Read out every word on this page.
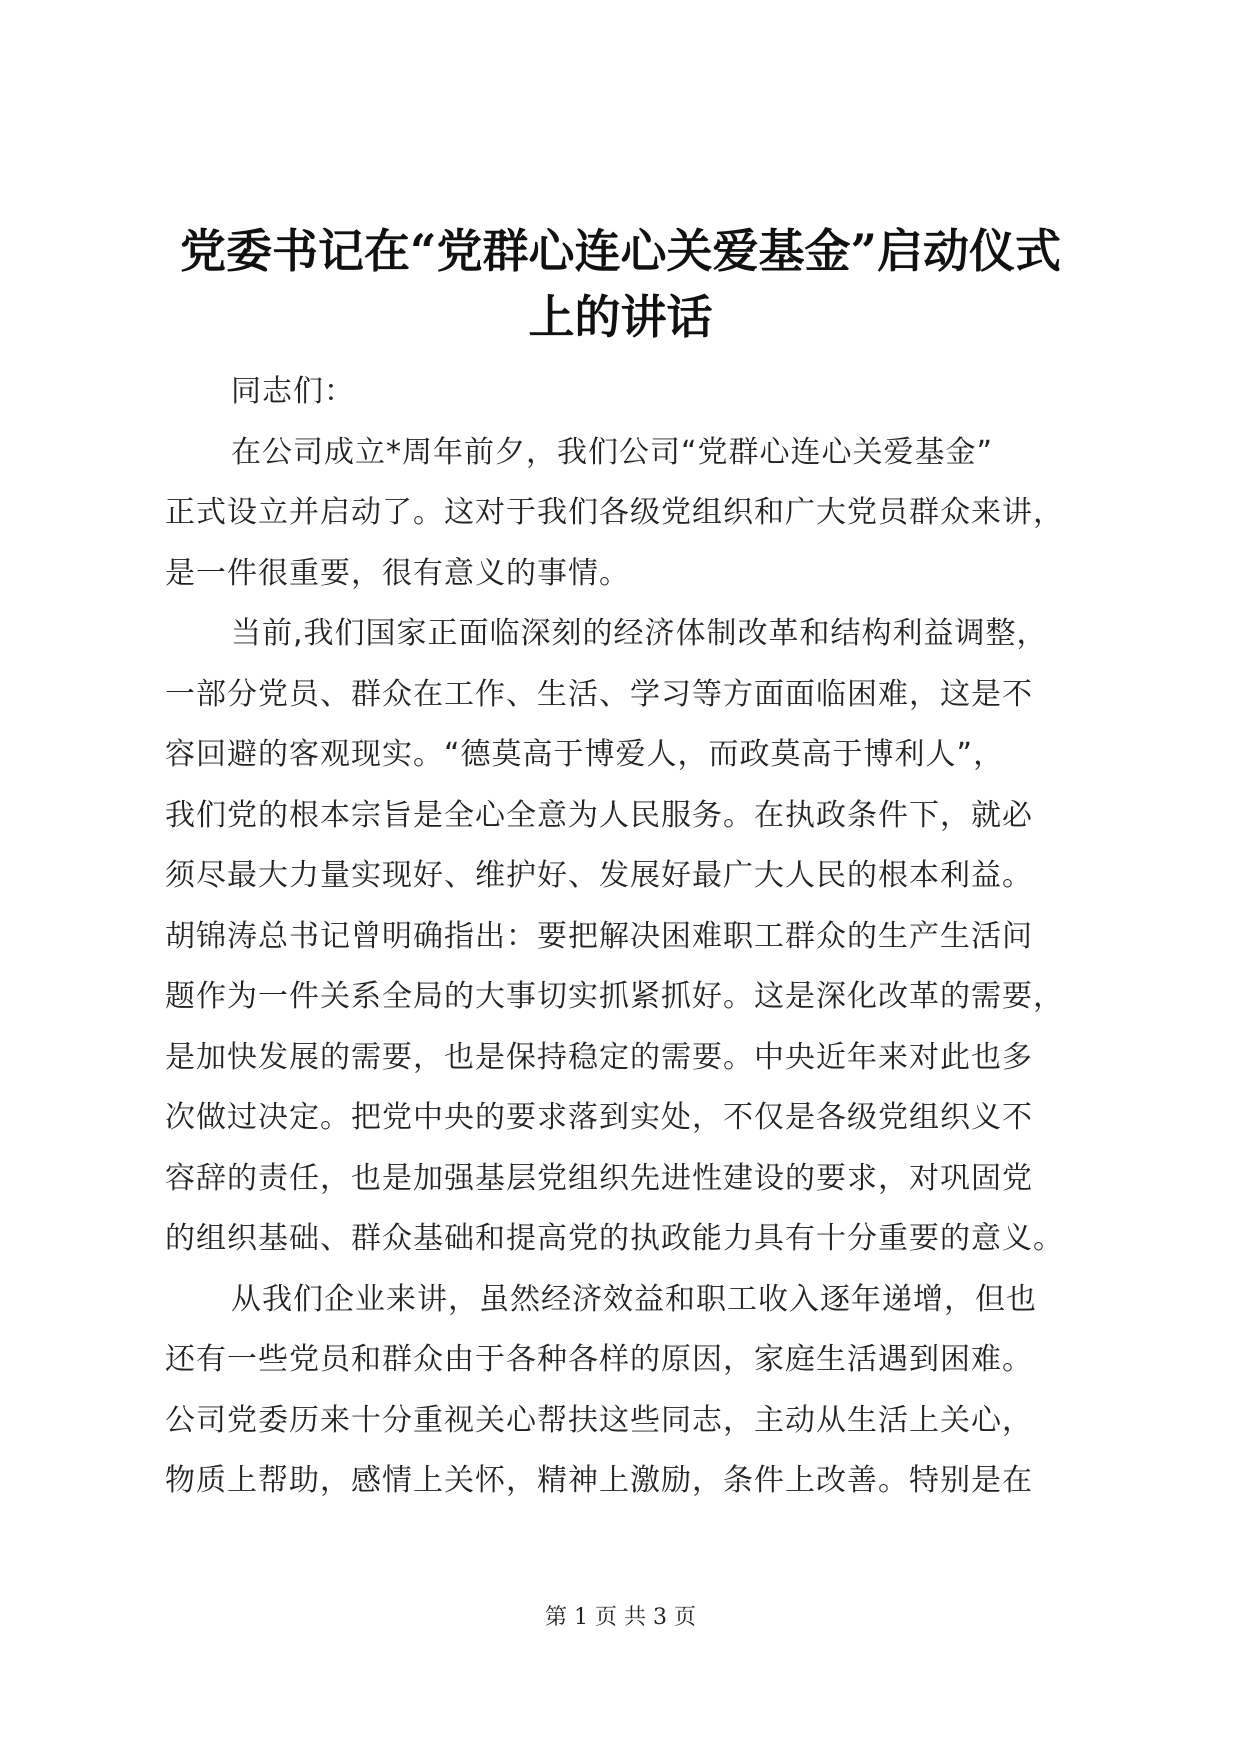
党委书记在“党群心连心关爱基金”启动仪式
上的讲话
同志们：
在公司成立*周年前夕，我们公司“党群心连心关爱基金”
正式设立并启动了。这对于我们各级党组织和广大党员群众来讲，
是一件很重要，很有意义的事情。
当前,我们国家正面临深刻的经济体制改革和结构利益调整，
一部分党员、群众在工作、生活、学习等方面面临困难，这是不
容回避的客观现实。“德莫高于博爱人，而政莫高于博利人”，
我们党的根本宗旨是全心全意为人民服务。在执政条件下，就必
须尽最大力量实现好、维护好、发展好最广大人民的根本利益。
胡锦涛总书记曾明确指出：要把解决困难职工群众的生产生活问
题作为一件关系全局的大事切实抓紧抓好。这是深化改革的需要，
是加快发展的需要，也是保持稳定的需要。中央近年来对此也多
次做过决定。把党中央的要求落到实处，不仅是各级党组织义不
容辞的责任，也是加强基层党组织先进性建设的要求，对巩固党
的组织基础、群众基础和提高党的执政能力具有十分重要的意义。
从我们企业来讲，虽然经济效益和职工收入逐年递增，但也
还有一些党员和群众由于各种各样的原因，家庭生活遇到困难。
公司党委历来十分重视关心帮扶这些同志，主动从生活上关心，
物质上帮助，感情上关怀，精神上激励，条件上改善。特别是在
第 1 页 共 3 页
